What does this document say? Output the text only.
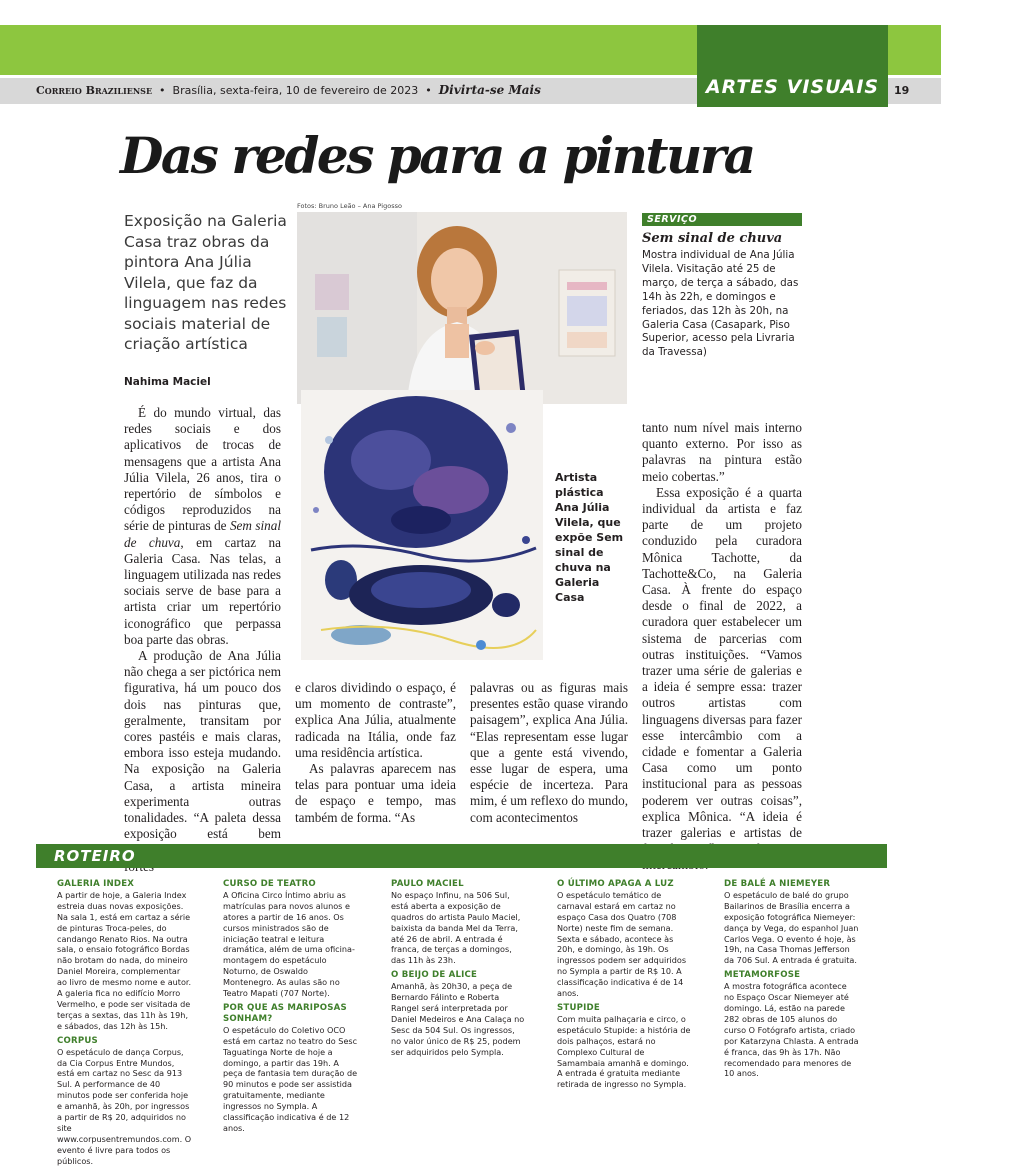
Correio Braziliense  •  Brasília, sexta-feira, 10 de fevereiro de 2023  •  Divirta-se Mais	ARTES VISUAIS	19
Das redes para a pintura
Exposição na Galeria Casa traz obras da pintora Ana Júlia Vilela, que faz da linguagem nas redes sociais material de criação artística
Nahima Maciel
Fotos: Bruno Leão – Ana Pigosso
Artista plástica Ana Júlia Vilela, que expõe Sem sinal de chuva na Galeria Casa
SERVIÇO
Sem sinal de chuva
Mostra individual de Ana Júlia Vilela. Visitação até 25 de março, de terça a sábado, das 14h às 22h, e domingos e feriados, das 12h às 20h, na Galeria Casa (Casapark, Piso Superior, acesso pela Livraria da Travessa)

É do mundo virtual, das redes sociais e dos aplicativos de trocas de mensagens que a artista Ana Júlia Vilela, 26 anos, tira o repertório de símbolos e códigos reproduzidos na série de pinturas de Sem sinal de chuva, em cartaz na Galeria Casa. Nas telas, a linguagem utilizada nas redes sociais serve de base para a artista criar um repertório iconográfico que perpassa boa parte das obras.

A produção de Ana Júlia não chega a ser pictórica nem figurativa, há um pouco dos dois nas pinturas que, geralmente, transitam por cores pastéis e mais claras, embora isso esteja mudando. Na exposição na Galeria Casa, a artista mineira experimenta outras tonalidades. “A paleta dessa exposição está bem

e claros dividindo o espaço, é um momento de contraste”, explica Ana Júlia, atualmente radicada na Itália, onde faz uma residência artística.

As palavras aparecem nas telas para pontuar uma ideia de espaço e tempo, mas também de forma. “As

palavras ou as figuras mais presentes estão quase virando paisagem”, explica Ana Júlia. “Elas representam esse lugar que a gente está vivendo, esse lugar de espera, uma espécie de incerteza. Para mim, é um reflexo do mundo, com acontecimentos

tanto num nível mais interno quanto externo. Por isso as palavras na pintura estão meio cobertas.”

Essa exposição é a quarta individual da artista e faz parte de um projeto conduzido pela curadora Mônica Tachotte, da Tachotte&Co, na Galeria Casa. À frente do espaço desde o final de 2022, a curadora quer estabelecer um sistema de parcerias com outras instituições. “Vamos trazer uma série de galerias e a ideia é sempre essa: trazer outros artistas com linguagens diversas para fazer esse intercâmbio com a cidade e fomentar a Galeria Casa como um ponto institucional para as pessoas poderem ver outras coisas”, explica Mônica. “A ideia é trazer galerias e artistas de

ROTEIRO
GALERIA INDEX

A partir de hoje, a Galeria Index estreia duas novas exposições. Na sala 1, está em cartaz a série de pinturas Troca-peles, do candango Renato Rios. Na outra sala, o ensaio fotográfico Bordas não brotam do nada, do mineiro Daniel Moreira, complementar ao livro de mesmo nome e autor. A galeria fica no edifício Morro Vermelho, e pode ser visitada de terças a sextas, das 11h às 19h, e sábados, das 12h às 15h.

CORPUS

O espetáculo de dança Corpus, da Cia Corpus Entre Mundos, está em cartaz no Sesc da 913 Sul. A performance de 40 minutos pode ser conferida hoje e amanhã, às 20h, por ingressos a partir de R$ 20, adquiridos no site www.corpusentremundos.com. O evento é livre para todos os públicos.

CURSO DE TEATRO

A Oficina Circo Íntimo abriu as matrículas para novos alunos e atores a partir de 16 anos. Os cursos ministrados são de iniciação teatral e leitura dramática, além de uma oficina-montagem do espetáculo Noturno, de Oswaldo Montenegro. As aulas são no Teatro Mapati (707 Norte).

POR QUE AS MARIPOSAS SONHAM?

O espetáculo do Coletivo OCO está em cartaz no teatro do Sesc Taguatinga Norte de hoje a domingo, a partir das 19h. A peça de fantasia tem duração de 90 minutos e pode ser assistida gratuitamente, mediante ingressos no Sympla. A classificação indicativa é de 12 anos.

PAULO MACIEL

No espaço Infinu, na 506 Sul, está aberta a exposição de quadros do artista Paulo Maciel, baixista da banda Mel da Terra, até 26 de abril. A entrada é franca, de terças a domingos, das 11h às 23h.

O BEIJO DE ALICE

Amanhã, às 20h30, a peça de Bernardo Fálinto e Roberta Rangel será interpretada por Daniel Medeiros e Ana Calaça no Sesc da 504 Sul. Os ingressos, no valor único de R$ 25, podem ser adquiridos pelo Sympla.

O ÚLTIMO APAGA A LUZ

O espetáculo temático de carnaval estará em cartaz no espaço Casa dos Quatro (708 Norte) neste fim de semana. Sexta e sábado, acontece às 20h, e domingo, às 19h. Os ingressos podem ser adquiridos no Sympla a partir de R$ 10. A classificação indicativa é de 14 anos.

STUPIDE

Com muita palhaçaria e circo, o espetáculo Stupide: a história de dois palhaços, estará no Complexo Cultural de Samambaia amanhã e domingo. A entrada é gratuita mediante retirada de ingresso no Sympla.

DE BALÉ A NIEMEYER

O espetáculo de balé do grupo Bailarinos de Brasília encerra a exposição fotográfica Niemeyer: dança by Vega, do espanhol Juan Carlos Vega. O evento é hoje, às 19h, na Casa Thomas Jefferson da 706 Sul. A entrada é gratuita.

METAMORFOSE

A mostra fotográfica acontece no Espaço Oscar Niemeyer até domingo. Lá, estão na parede 282 obras de 105 alunos do curso O Fotógrafo artista, criado por Katarzyna Chlasta. A entrada é franca, das 9h às 17h. Não recomendado para menores de 10 anos.
